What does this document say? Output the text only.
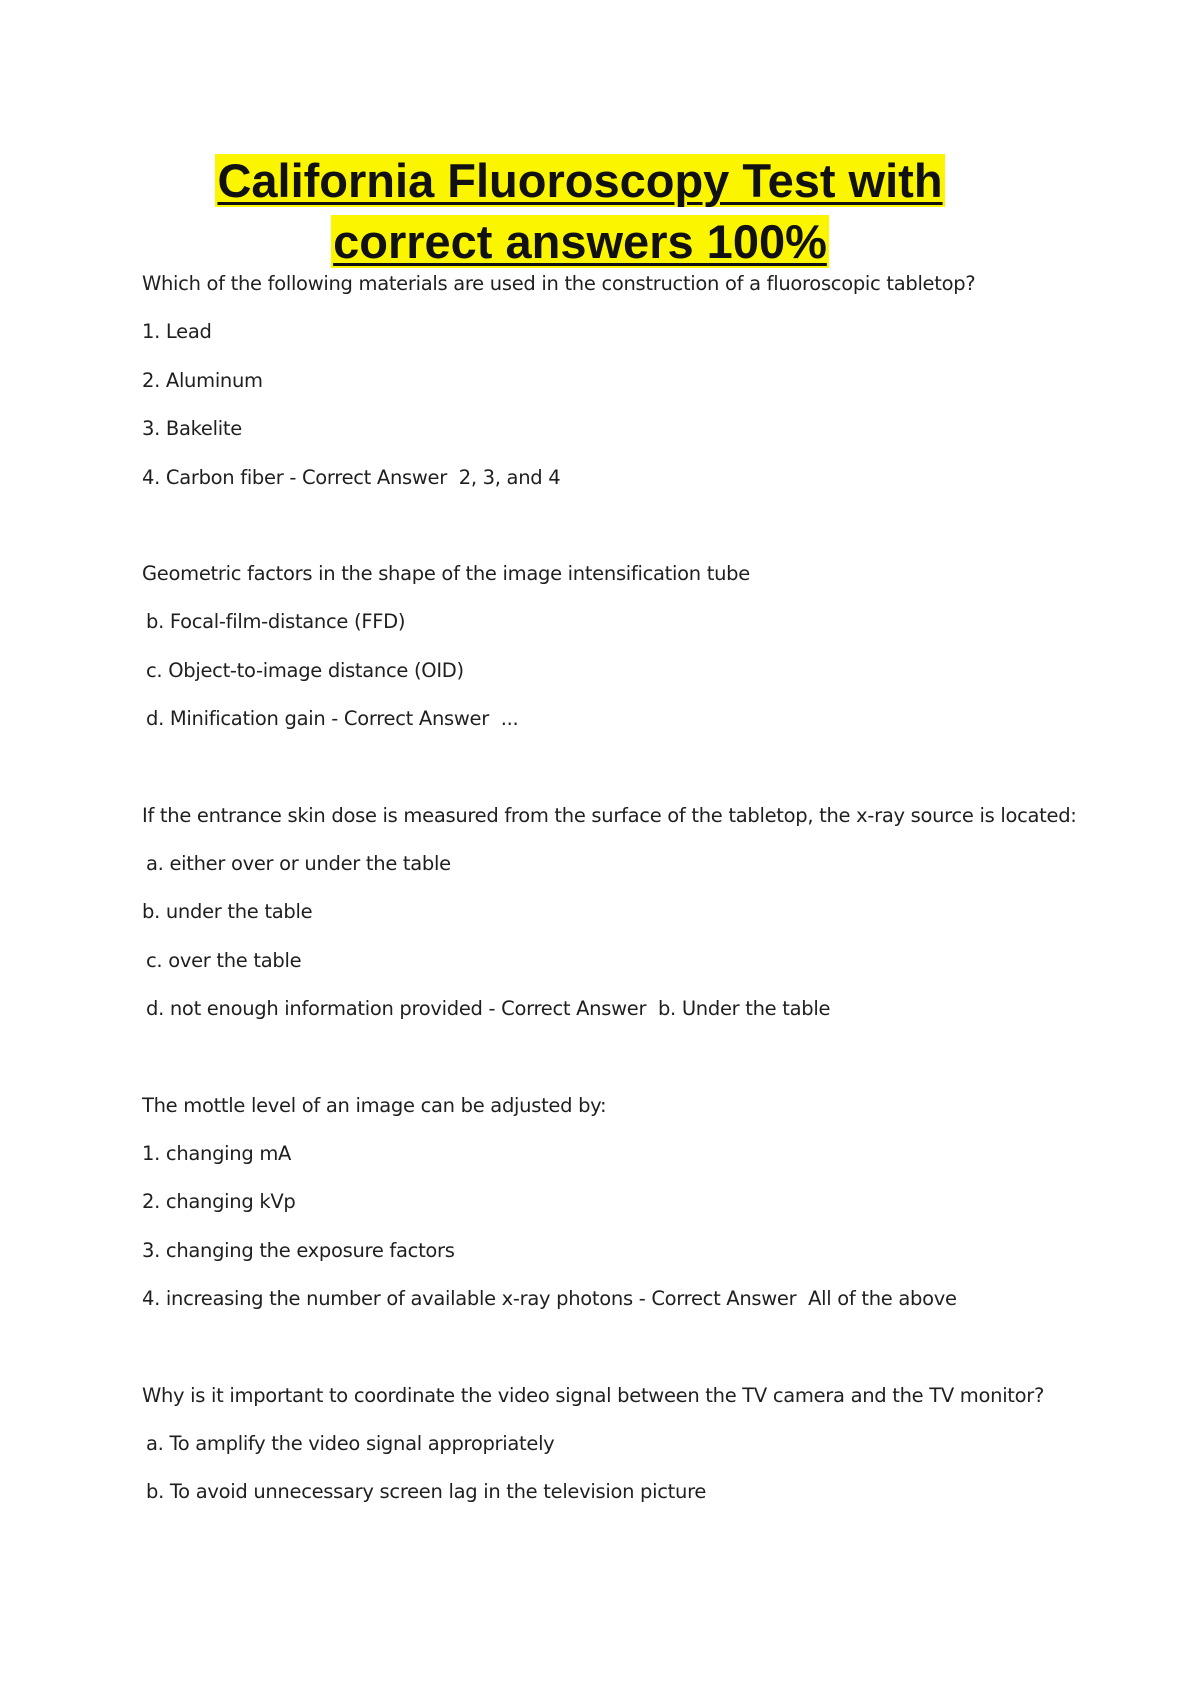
California Fluoroscopy Test with
correct answers 100%
Which of the following materials are used in the construction of a fluoroscopic tabletop?
1. Lead
2. Aluminum
3. Bakelite
4. Carbon fiber - Correct Answer  2, 3, and 4
Geometric factors in the shape of the image intensification tube
b. Focal-film-distance (FFD)
c. Object-to-image distance (OID)
d. Minification gain - Correct Answer  ...
If the entrance skin dose is measured from the surface of the tabletop, the x-ray source is located:
a. either over or under the table
b. under the table
c. over the table
d. not enough information provided - Correct Answer  b. Under the table
The mottle level of an image can be adjusted by:
1. changing mA
2. changing kVp
3. changing the exposure factors
4. increasing the number of available x-ray photons - Correct Answer  All of the above
Why is it important to coordinate the video signal between the TV camera and the TV monitor?
a. To amplify the video signal appropriately
b. To avoid unnecessary screen lag in the television picture
